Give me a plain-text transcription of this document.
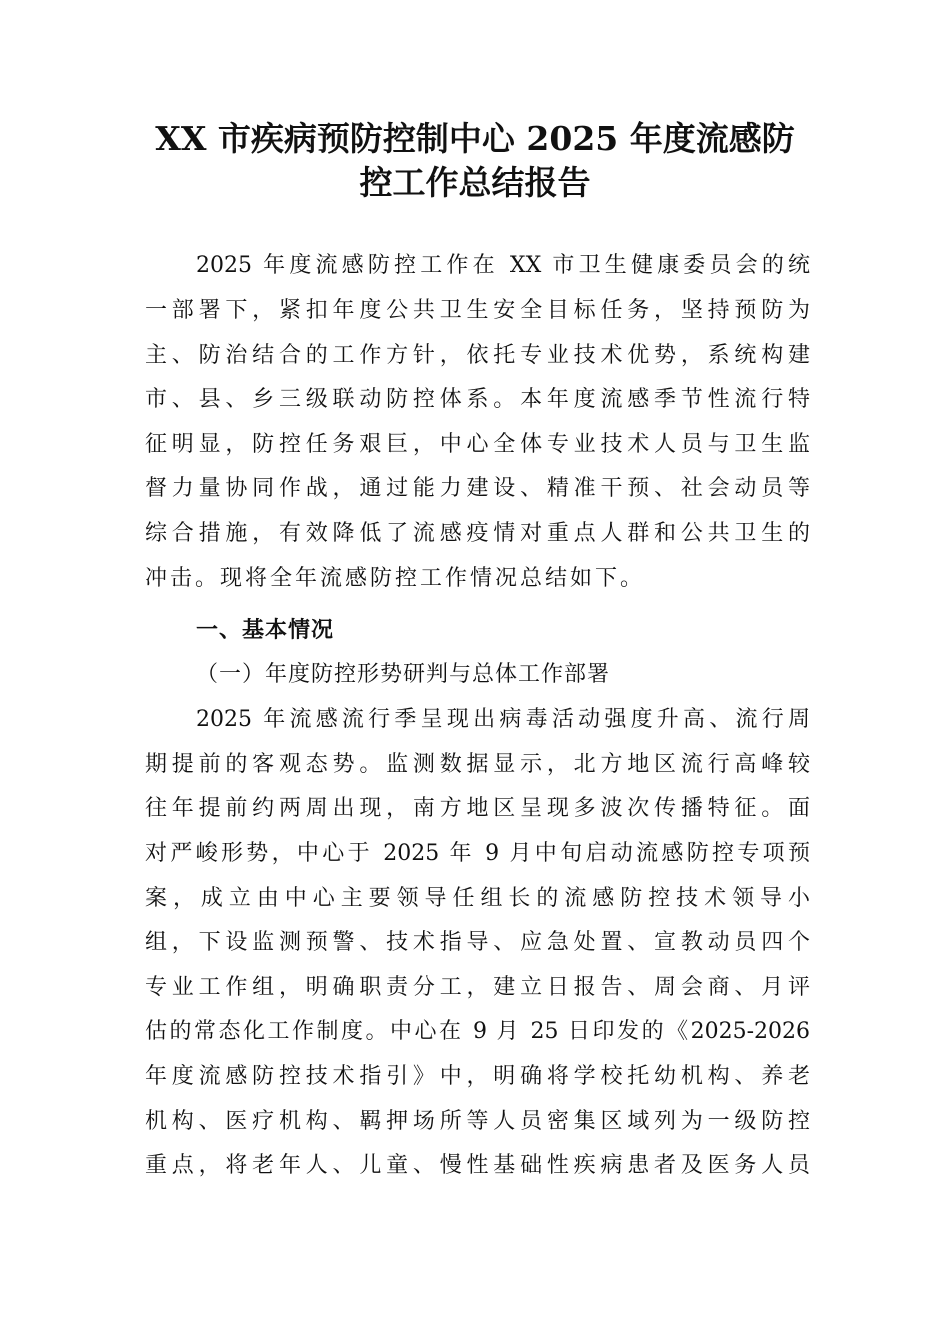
XX 市疾病预防控制中心 2025 年度流感防
控工作总结报告
2025 年度流感防控工作在 XX 市卫生健康委员会的统
一部署下，紧扣年度公共卫生安全目标任务，坚持预防为
主、防治结合的工作方针，依托专业技术优势，系统构建
市、县、乡三级联动防控体系。本年度流感季节性流行特
征明显，防控任务艰巨，中心全体专业技术人员与卫生监
督力量协同作战，通过能力建设、精准干预、社会动员等
综合措施，有效降低了流感疫情对重点人群和公共卫生的
冲击。现将全年流感防控工作情况总结如下。
一、基本情况
（一）年度防控形势研判与总体工作部署
2025 年流感流行季呈现出病毒活动强度升高、流行周
期提前的客观态势。监测数据显示，北方地区流行高峰较
往年提前约两周出现，南方地区呈现多波次传播特征。面
对严峻形势，中心于 2025 年 9 月中旬启动流感防控专项预
案，成立由中心主要领导任组长的流感防控技术领导小
组，下设监测预警、技术指导、应急处置、宣教动员四个
专业工作组，明确职责分工，建立日报告、周会商、月评
估的常态化工作制度。中心在 9 月 25 日印发的《2025-2026
年度流感防控技术指引》中，明确将学校托幼机构、养老
机构、医疗机构、羁押场所等人员密集区域列为一级防控
重点，将老年人、儿童、慢性基础性疾病患者及医务人员
